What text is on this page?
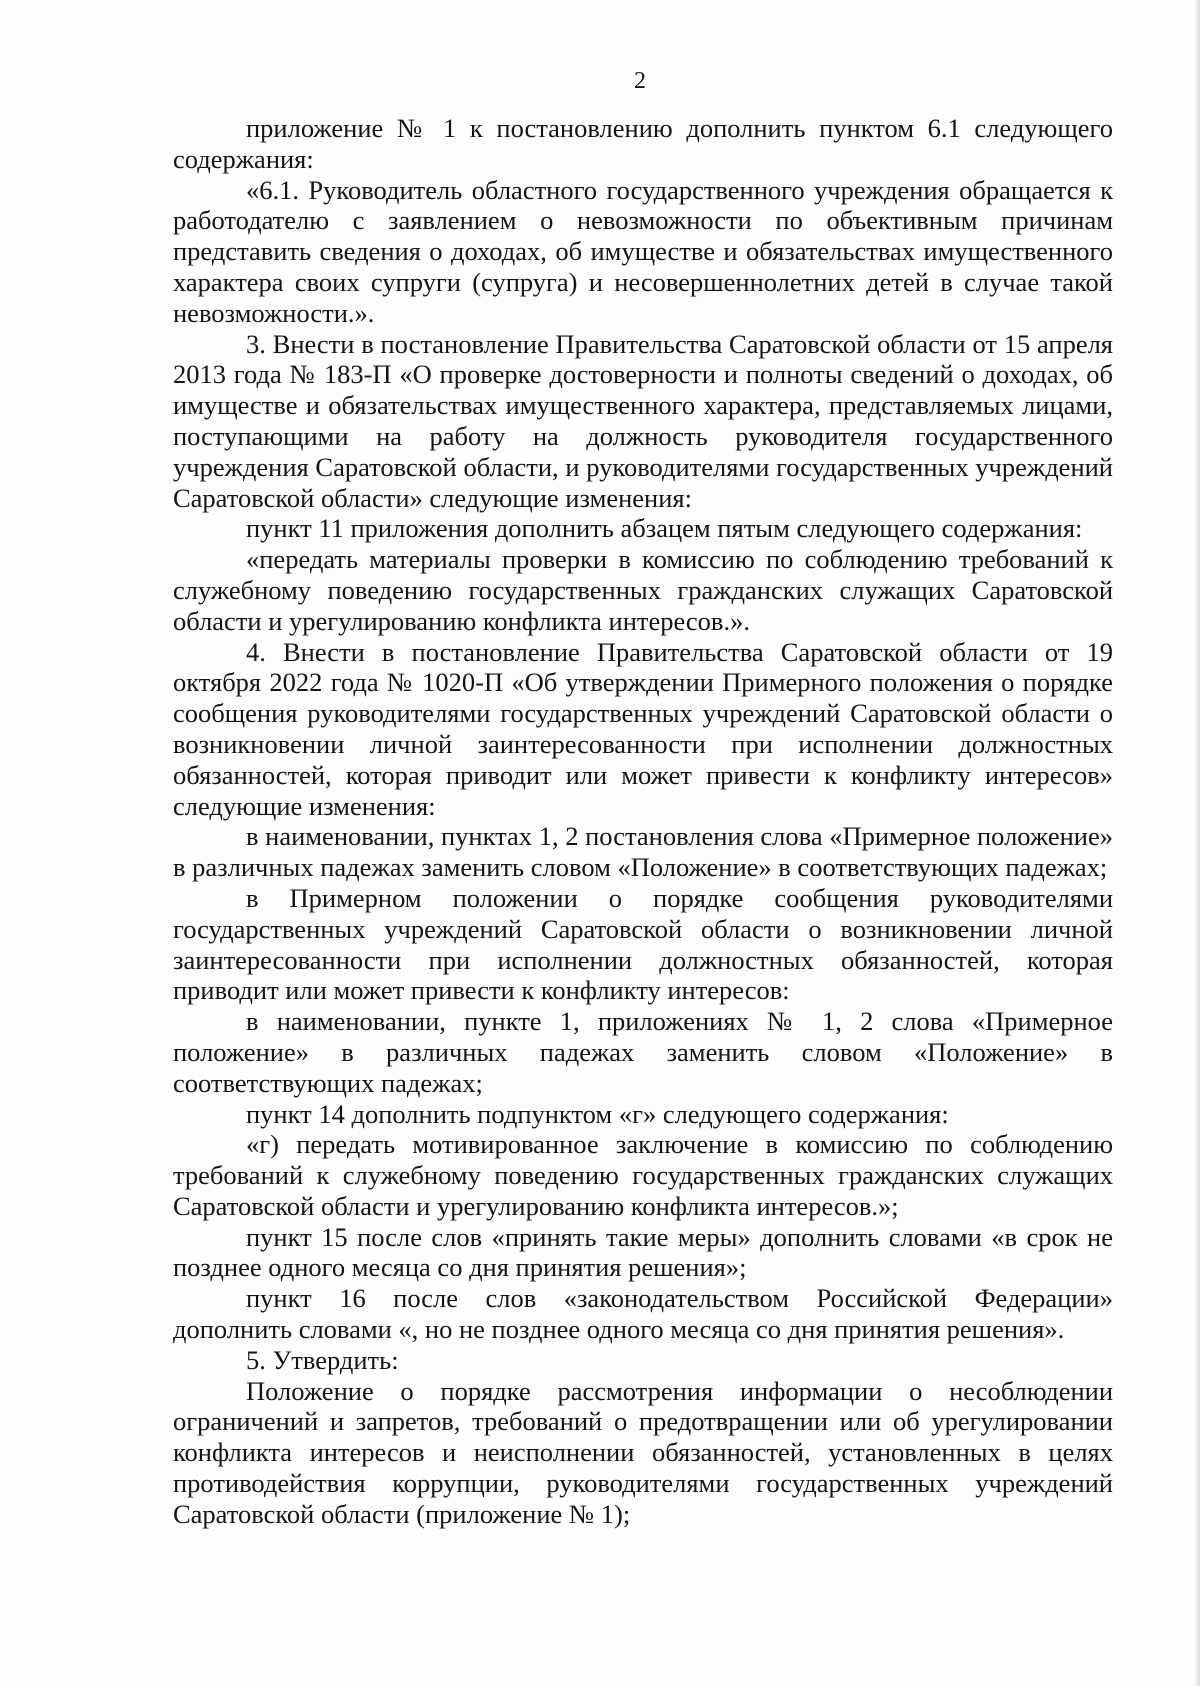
2

приложение № 1 к постановлению дополнить пунктом 6.1 следующего содержания:

«6.1. Руководитель областного государственного учреждения обращается к работодателю с заявлением о невозможности по объективным причинам представить сведения о доходах, об имуществе и обязательствах имущественного характера своих супруги (супруга) и несовершеннолетних детей в случае такой невозможности.».

3. Внести в постановление Правительства Саратовской области от 15 апреля 2013 года № 183-П «О проверке достоверности и полноты сведений о доходах, об имуществе и обязательствах имущественного характера, представляемых лицами, поступающими на работу на должность руководителя государственного учреждения Саратовской области, и руководителями государственных учреждений Саратовской области» следующие изменения:

пункт 11 приложения дополнить абзацем пятым следующего содержания:

«передать материалы проверки в комиссию по соблюдению требований к служебному поведению государственных гражданских служащих Саратовской области и урегулированию конфликта интересов.».

4. Внести в постановление Правительства Саратовской области от 19 октября 2022 года № 1020-П «Об утверждении Примерного положения о порядке сообщения руководителями государственных учреждений Саратовской области о возникновении личной заинтересованности при исполнении должностных обязанностей, которая приводит или может привести к конфликту интересов» следующие изменения:

в наименовании, пунктах 1, 2 постановления слова «Примерное положение» в различных падежах заменить словом «Положение» в соответствующих падежах;

в Примерном положении о порядке сообщения руководителями государственных учреждений Саратовской области о возникновении личной заинтересованности при исполнении должностных обязанностей, которая приводит или может привести к конфликту интересов:

в наименовании, пункте 1, приложениях № 1, 2 слова «Примерное положение» в различных падежах заменить словом «Положение» в соответствующих падежах;

пункт 14 дополнить подпунктом «г» следующего содержания:

«г) передать мотивированное заключение в комиссию по соблюдению требований к служебному поведению государственных гражданских служащих Саратовской области и урегулированию конфликта интересов.»;

пункт 15 после слов «принять такие меры» дополнить словами «в срок не позднее одного месяца со дня принятия решения»;

пункт 16 после слов «законодательством Российской Федерации» дополнить словами «, но не позднее одного месяца со дня принятия решения».

5. Утвердить:

Положение о порядке рассмотрения информации о несоблюдении ограничений и запретов, требований о предотвращении или об урегулировании конфликта интересов и неисполнении обязанностей, установленных в целях противодействия коррупции, руководителями государственных учреждений Саратовской области (приложение № 1);
